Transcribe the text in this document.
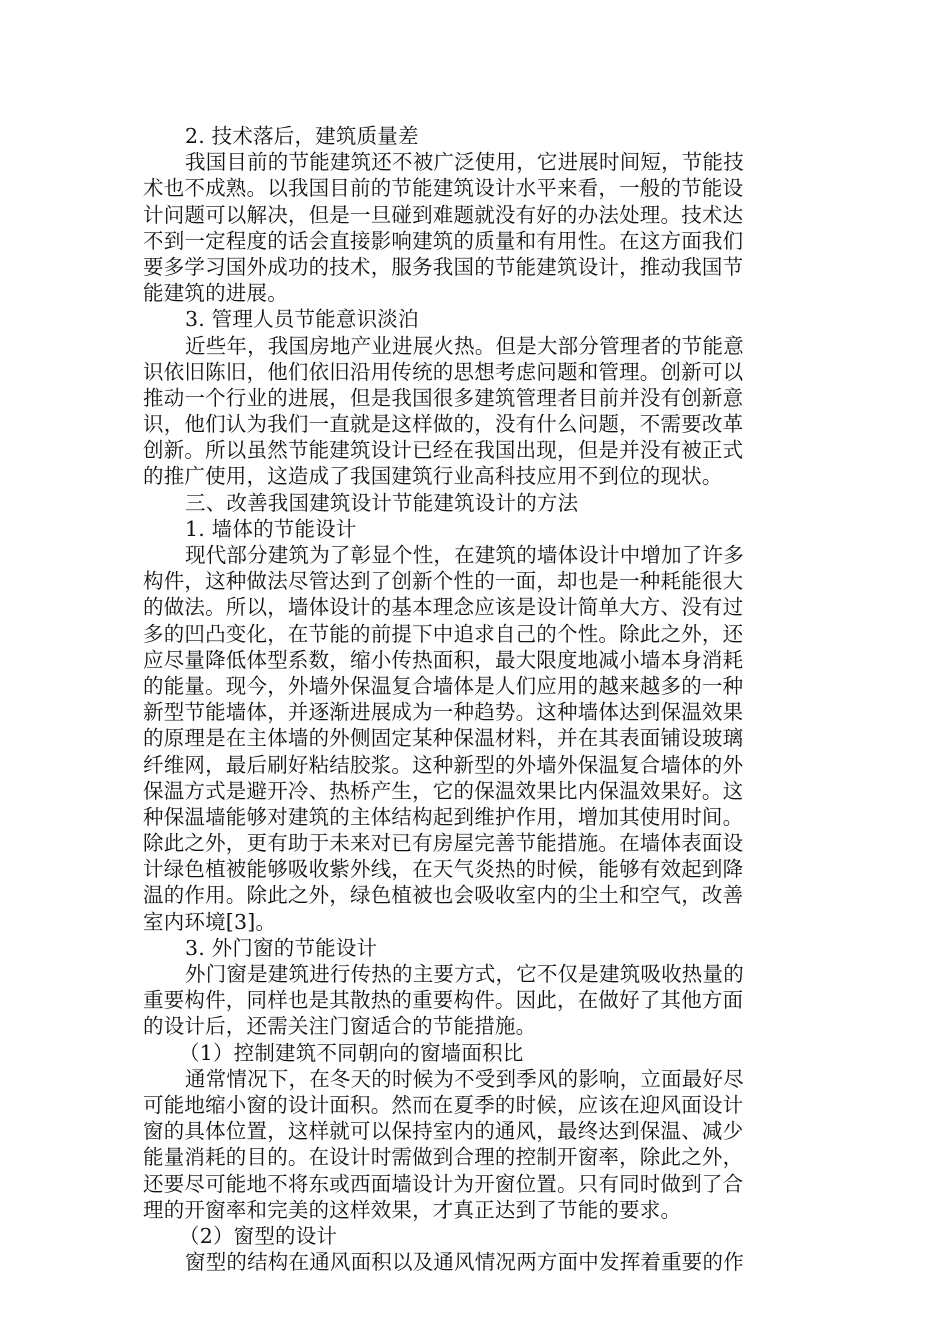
2. 技术落后，建筑质量差
我国目前的节能建筑还不被广泛使用，它进展时间短，节能技
术也不成熟。以我国目前的节能建筑设计水平来看，一般的节能设
计问题可以解决，但是一旦碰到难题就没有好的办法处理。技术达
不到一定程度的话会直接影响建筑的质量和有用性。在这方面我们
要多学习国外成功的技术，服务我国的节能建筑设计，推动我国节
能建筑的进展。
3. 管理人员节能意识淡泊
近些年，我国房地产业进展火热。但是大部分管理者的节能意
识依旧陈旧，他们依旧沿用传统的思想考虑问题和管理。创新可以
推动一个行业的进展，但是我国很多建筑管理者目前并没有创新意
识，他们认为我们一直就是这样做的，没有什么问题，不需要改革
创新。所以虽然节能建筑设计已经在我国出现，但是并没有被正式
的推广使用，这造成了我国建筑行业高科技应用不到位的现状。
三、改善我国建筑设计节能建筑设计的方法
1. 墙体的节能设计
现代部分建筑为了彰显个性，在建筑的墙体设计中增加了许多
构件，这种做法尽管达到了创新个性的一面，却也是一种耗能很大
的做法。所以，墙体设计的基本理念应该是设计简单大方、没有过
多的凹凸变化，在节能的前提下中追求自己的个性。除此之外，还
应尽量降低体型系数，缩小传热面积，最大限度地减小墙本身消耗
的能量。现今，外墙外保温复合墙体是人们应用的越来越多的一种
新型节能墙体，并逐渐进展成为一种趋势。这种墙体达到保温效果
的原理是在主体墙的外侧固定某种保温材料，并在其表面铺设玻璃
纤维网，最后刷好粘结胶浆。这种新型的外墙外保温复合墙体的外
保温方式是避开冷、热桥产生，它的保温效果比内保温效果好。这
种保温墙能够对建筑的主体结构起到维护作用，增加其使用时间。
除此之外，更有助于未来对已有房屋完善节能措施。在墙体表面设
计绿色植被能够吸收紫外线，在天气炎热的时候，能够有效起到降
温的作用。除此之外，绿色植被也会吸收室内的尘土和空气，改善
室内环境[3]。
3. 外门窗的节能设计
外门窗是建筑进行传热的主要方式，它不仅是建筑吸收热量的
重要构件，同样也是其散热的重要构件。因此，在做好了其他方面
的设计后，还需关注门窗适合的节能措施。
（1）控制建筑不同朝向的窗墙面积比
通常情况下，在冬天的时候为不受到季风的影响，立面最好尽
可能地缩小窗的设计面积。然而在夏季的时候，应该在迎风面设计
窗的具体位置，这样就可以保持室内的通风，最终达到保温、减少
能量消耗的目的。在设计时需做到合理的控制开窗率，除此之外，
还要尽可能地不将东或西面墙设计为开窗位置。只有同时做到了合
理的开窗率和完美的这样效果，才真正达到了节能的要求。
（2）窗型的设计
窗型的结构在通风面积以及通风情况两方面中发挥着重要的作
